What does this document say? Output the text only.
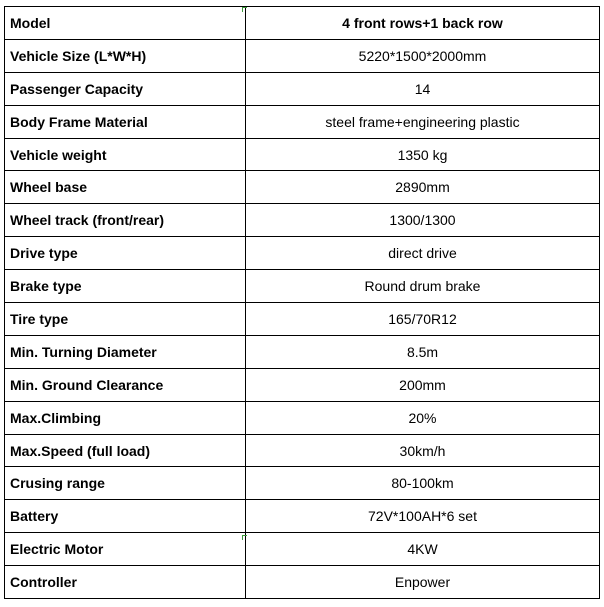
Model	4 front rows+1 back row
Vehicle Size (L*W*H)	5220*1500*2000mm
Passenger Capacity	14
Body Frame Material	steel frame+engineering plastic
Vehicle weight	1350 kg
Wheel base	2890mm
Wheel track (front/rear)	1300/1300
Drive type	direct drive
Brake type	Round drum brake
Tire type	165/70R12
Min. Turning Diameter	8.5m
Min. Ground Clearance	200mm
Max.Climbing	20%
Max.Speed (full load)	30km/h
Crusing range	80-100km
Battery	72V*100AH*6 set
Electric Motor	4KW
Controller	Enpower
